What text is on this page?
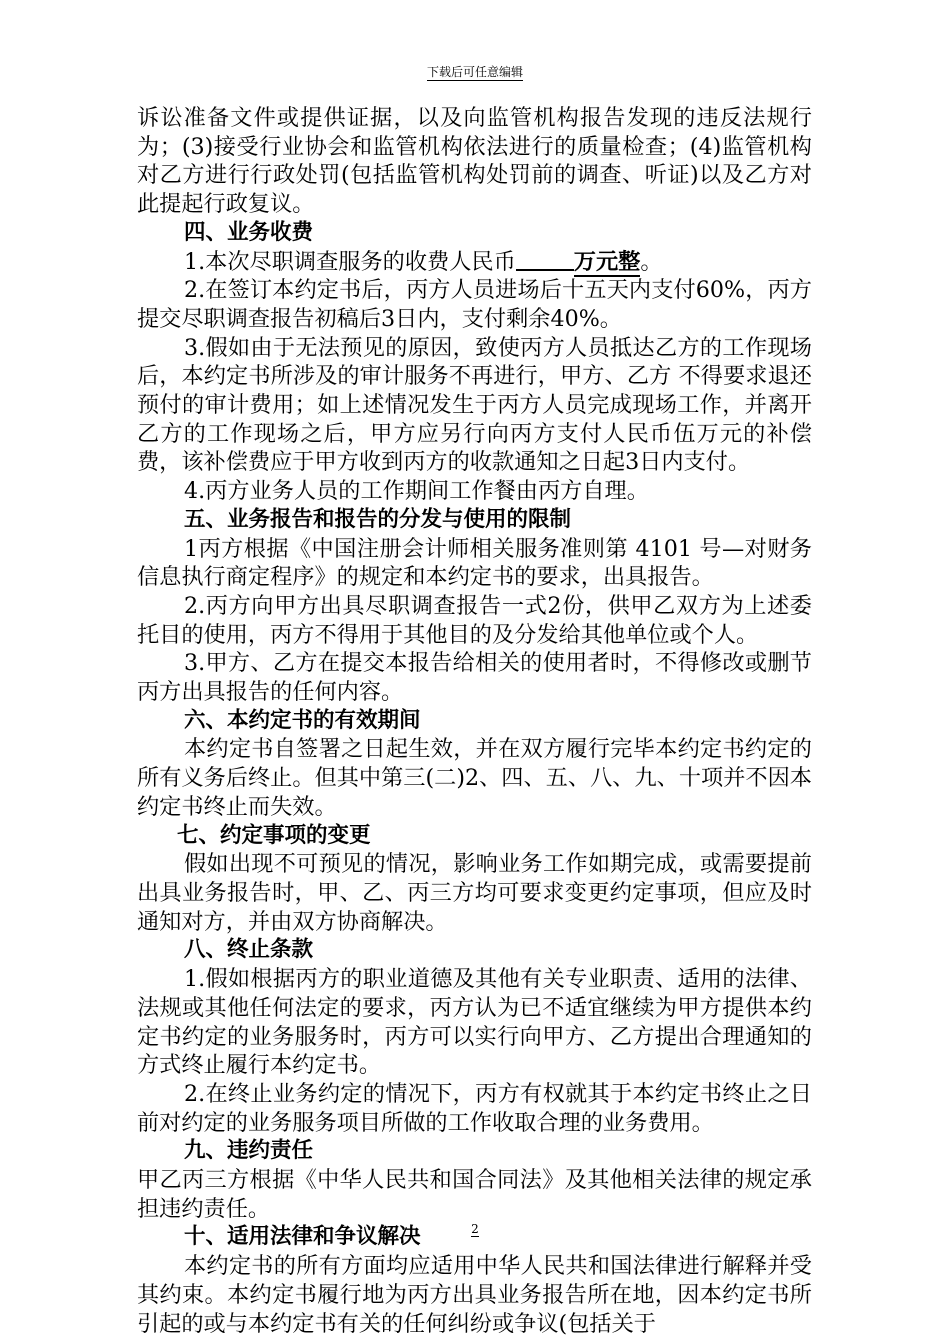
下载后可任意编辑

诉讼准备文件或提供证据，以及向监管机构报告发现的违反法规行为；(3)接受行业协会和监管机构依法进行的质量检查；(4)监管机构对乙方进行行政处罚(包括监管机构处罚前的调查、听证)以及乙方对此提起行政复议。

四、业务收费

1.本次尽职调查服务的收费人民币	万元整。

2.在签订本约定书后，丙方人员进场后十五天内支付60%，丙方提交尽职调查报告初稿后3日内，支付剩余40%。

3.假如由于无法预见的原因，致使丙方人员抵达乙方的工作现场后，本约定书所涉及的审计服务不再进行，甲方、乙方 不得要求退还预付的审计费用；如上述情况发生于丙方人员完成现场工作，并离开乙方的工作现场之后，甲方应另行向丙方支付人民币伍万元的补偿费，该补偿费应于甲方收到丙方的收款通知之日起3日内支付。

4.丙方业务人员的工作期间工作餐由丙方自理。

五、业务报告和报告的分发与使用的限制

1丙方根据《中国注册会计师相关服务准则第 4101 号—对财务信息执行商定程序》的规定和本约定书的要求，出具报告。

2.丙方向甲方出具尽职调查报告一式2份，供甲乙双方为上述委托目的使用，丙方不得用于其他目的及分发给其他单位或个人。

3.甲方、乙方在提交本报告给相关的使用者时，不得修改或删节丙方出具报告的任何内容。

六、本约定书的有效期间

本约定书自签署之日起生效，并在双方履行完毕本约定书约定的所有义务后终止。但其中第三(二)2、四、五、八、九、十项并不因本约定书终止而失效。

七、约定事项的变更

假如出现不可预见的情况，影响业务工作如期完成，或需要提前出具业务报告时，甲、乙、丙三方均可要求变更约定事项，但应及时通知对方，并由双方协商解决。

八、终止条款

1.假如根据丙方的职业道德及其他有关专业职责、适用的法律、法规或其他任何法定的要求，丙方认为已不适宜继续为甲方提供本约定书约定的业务服务时，丙方可以实行向甲方、乙方提出合理通知的方式终止履行本约定书。

2.在终止业务约定的情况下，丙方有权就其于本约定书终止之日前对约定的业务服务项目所做的工作收取合理的业务费用。

九、违约责任

甲乙丙三方根据《中华人民共和国合同法》及其他相关法律的规定承担违约责任。

十、适用法律和争议解决

本约定书的所有方面均应适用中华人民共和国法律进行解释并受其约束。本约定书履行地为丙方出具业务报告所在地，因本约定书所引起的或与本约定书有关的任何纠纷或争议(包括关于

2
